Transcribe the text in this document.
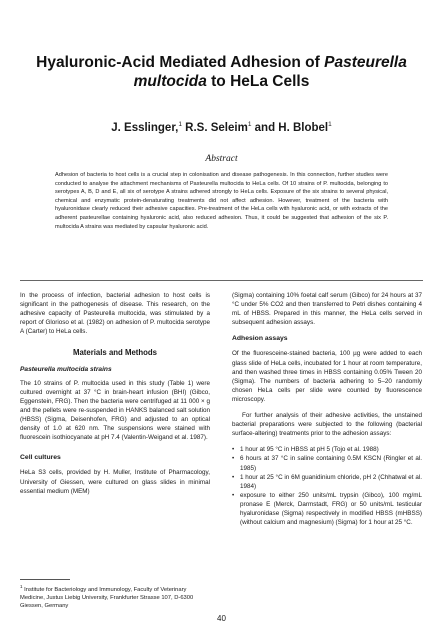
Hyaluronic-Acid Mediated Adhesion of Pasteurella
multocida to HeLa Cells
J. Esslinger,$^1$ R.S. Seleim$^1$ and H. Blobel$^1$
Abstract
Adhesion of bacteria to host cells is a crucial step in colonisation and disease pathogenesis. In this connection, further studies were conducted to analyse the attachment mechanisms of Pasteurella multocida to HeLa cells. Of 10 strains of P. multocida, belonging to serotypes A, B, D and E, all six of serotype A strains adhered strongly to HeLa cells. Exposure of the six strains to several physical, chemical and enzymatic protein-denaturating treatments did not affect adhesion. However, treatment of the bacteria with hyaluronidase clearly reduced their adhesive capacities. Pre-treatment of the HeLa cells with hyaluronic acid, or with extracts of the adherent pasteurellae containing hyaluronic acid, also reduced adhesion. Thus, it could be suggested that adhesion of the six P. multocida A strains was mediated by capsular hyaluronic acid.

In the process of infection, bacterial adhesion to host cells is significant in the pathogenesis of disease. This research, on the adhesive capacity of Pasteurella multocida, was stimulated by a report of Glorioso et al. (1982) on adhesion of P. multocida serotype A (Carter) to HeLa cells.

Materials and Methods
Pasteurella multocida strains

The 10 strains of P. multocida used in this study (Table 1) were cultured overnight at 37 °C in brain-heart infusion (BHI) (Gibco, Eggenstein, FRG). Then the bacteria were centrifuged at 11 000 × g and the pellets were re-suspended in HANKS balanced salt solution (HBSS) (Sigma, Deisenhofen, FRG) and adjusted to an optical density of 1.0 at 620 nm. The suspensions were stained with fluorescein isothiocyanate at pH 7.4 (Valentin-Weigand et al. 1987).

Cell cultures

HeLa S3 cells, provided by H. Muller, Institute of Pharmacology, University of Giessen, were cultured on glass slides in minimal essential medium (MEM)

(Sigma) containing 10% foetal calf serum (Gibco) for 24 hours at 37 °C under 5% CO2 and then transferred to Petri dishes containing 4 mL of HBSS. Prepared in this manner, the HeLa cells served in subsequent adhesion assays.

Adhesion assays

Of the fluoresceine-stained bacteria, 100 µg were added to each glass slide of HeLa cells, incubated for 1 hour at room temperature, and then washed three times in HBSS containing 0.05% Tween 20 (Sigma). The numbers of bacteria adhering to 5–20 randomly chosen HeLa cells per slide were counted by fluorescence microscopy.

For further analysis of their adhesive activities, the unstained bacterial preparations were subjected to the following (bacterial surface-altering) treatments prior to the adhesion assays:

• 1 hour at 95 °C in HBSS at pH 5 (Tojo et al. 1988)
• 6 hours at 37 °C in saline containing 0.5M KSCN (Ringler et al. 1985)
• 1 hour at 25 °C in 6M guanidinium chloride, pH 2 (Chhatwal et al. 1984)
• exposure to either 250 units/mL trypsin (Gibco), 100 mg/mL pronase E (Merck, Darmstadt, FRG) or 50 units/mL testicular hyaluronidase (Sigma) respectively in modified HBSS (mHBSS) (without calcium and magnesium) (Sigma) for 1 hour at 25 °C.
$^1$ Institute for Bacteriology and Immunology, Faculty of Veterinary Medicine, Justus Liebig University, Frankfurter Strasse 107, D-6300 Giessen, Germany
40
